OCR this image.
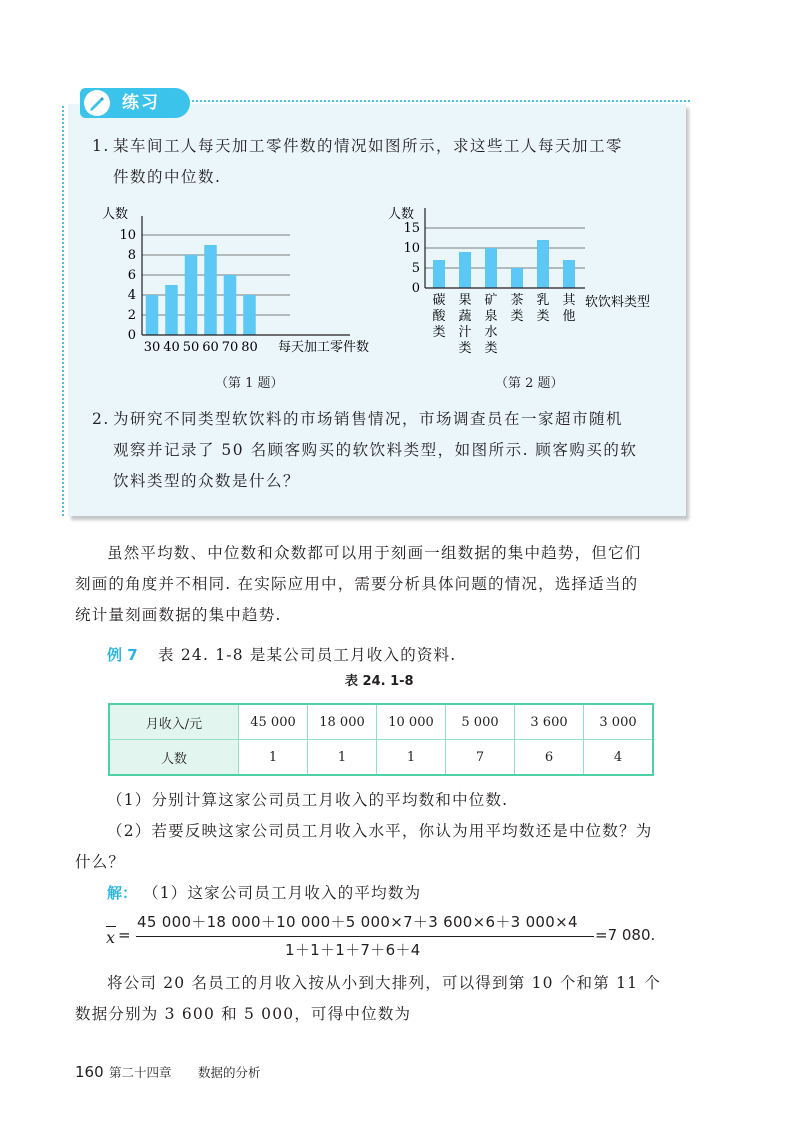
练习
1. 某车间工人每天加工零件数的情况如图所示，求这些工人每天加工零
件数的中位数.
0
2
4
6
8
10
30 40 50 60 70 80
人数
每天加工零件数
（第 1 题）
0
5
10
15
碳酸类
果蔬汁类
矿泉水类
茶类
乳类
其他
人数
软饮料类型
（第 2 题）
2. 为研究不同类型软饮料的市场销售情况，市场调查员在一家超市随机
观察并记录了 50 名顾客购买的软饮料类型，如图所示. 顾客购买的软
饮料类型的众数是什么？
虽然平均数、中位数和众数都可以用于刻画一组数据的集中趋势，但它们
刻画的角度并不相同. 在实际应用中，需要分析具体问题的情况，选择适当的
统计量刻画数据的集中趋势.
例 7 表 24. 1-8 是某公司员工月收入的资料.
表 24. 1-8
月收入/元	45 000	18 000	10 000	5 000	3 600	3 000
人数	1	1	1	7	6	4
（1）分别计算这家公司员工月收入的平均数和中位数.
（2）若要反映这家公司员工月收入水平，你认为用平均数还是中位数？为
什么？
解： （1）这家公司员工月收入的平均数为
x =
45 000＋18 000＋10 000＋5 000×7＋3 600×6＋3 000×4
1＋1＋1＋7＋6＋4
=7 080.
将公司 20 名员工的月收入按从小到大排列，可以得到第 10 个和第 11 个
数据分别为 3 600 和 5 000，可得中位数为
160 第二十四章 数据的分析
